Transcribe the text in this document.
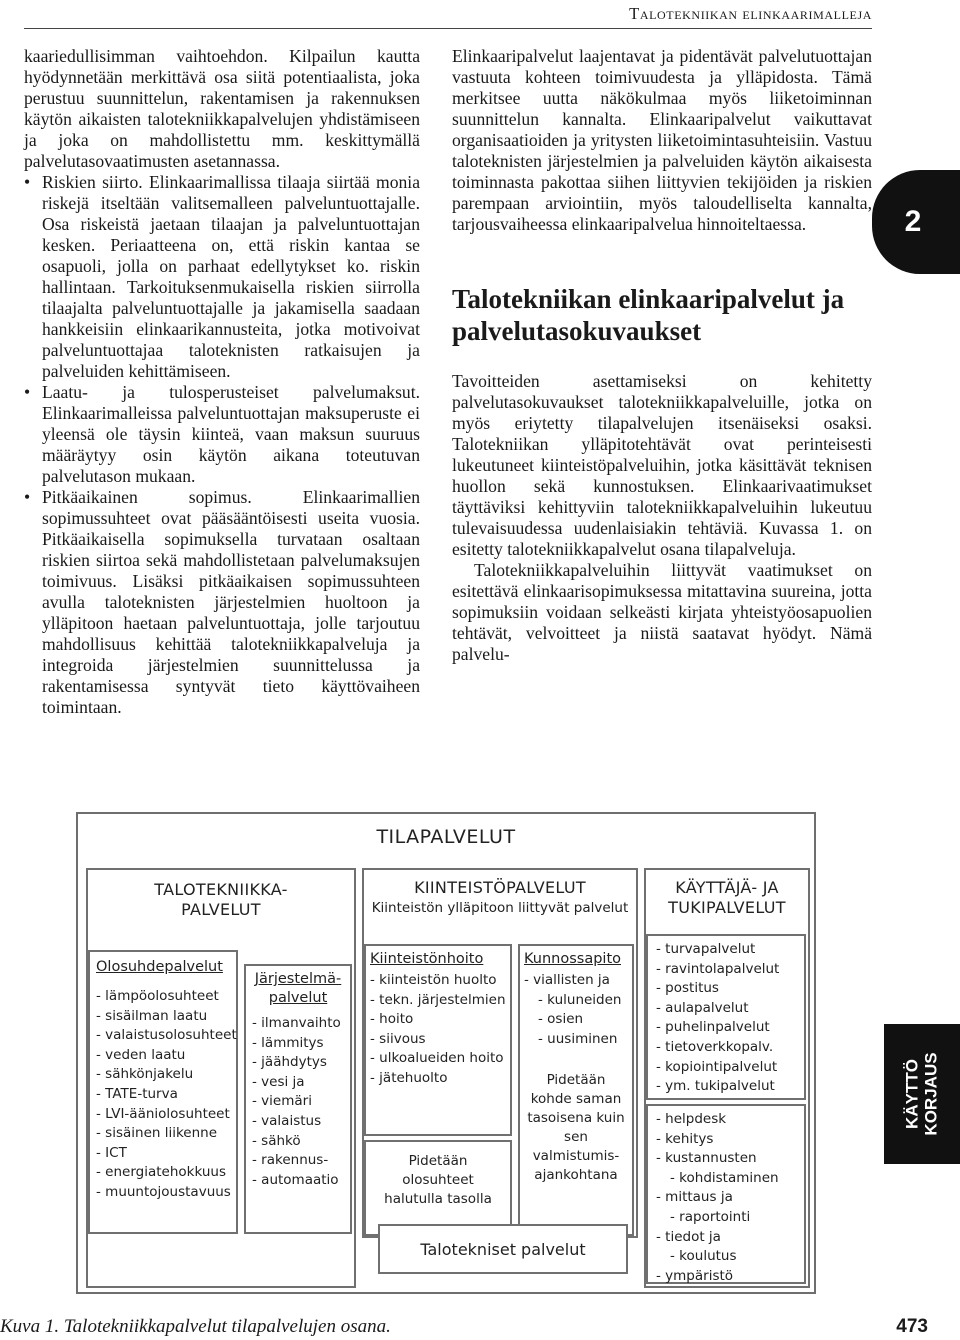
Talotekniikan elinkaarimalleja
2

kaariedullisimman vaihtoehdon. Kilpailun kautta hyödynnetään merkittävä osa siitä potentiaalista, joka perustuu suunnittelun, rakentamisen ja rakennuksen käytön aikaisten talotekniikkapalvelujen yhdistämiseen ja joka on mahdollistettu mm. keskittymällä palvelutasovaatimusten asetannassa.

• Riskien siirto. Elinkaarimallissa tilaaja siirtää monia riskejä itseltään valitsemalleen palveluntuottajalle. Osa riskeistä jaetaan tilaajan ja palveluntuottajan kesken. Periaatteena on, että riskin kantaa se osapuoli, jolla on parhaat edellytykset ko. riskin hallintaan. Tarkoituksenmukaisella riskien siirrolla tilaajalta palveluntuottajalle ja jakamisella saadaan hankkeisiin elinkaarikannusteita, jotka motivoivat palveluntuottajaa taloteknisten ratkaisujen ja palveluiden kehittämiseen.

• Laatu- ja tulosperusteiset palvelumaksut. Elinkaarimalleissa palveluntuottajan maksuperuste ei yleensä ole täysin kiinteä, vaan maksun suuruus määräytyy osin käytön aikana toteutuvan palvelutason mukaan.

• Pitkäaikainen sopimus. Elinkaarimallien sopimussuhteet ovat pääsääntöisesti useita vuosia. Pitkäaikaisella sopimuksella turvataan osaltaan riskien siirtoa sekä mahdollistetaan palvelumaksujen toimivuus. Lisäksi pitkäaikaisen sopimussuhteen avulla taloteknisten järjestelmien huoltoon ja ylläpitoon haetaan palveluntuottaja, jolle tarjoutuu mahdollisuus kehittää talotekniikkapalveluja ja integroida järjestelmien suunnittelussa ja rakentamisessa syntyvät tieto käyttövaiheen toimintaan.

Elinkaaripalvelut laajentavat ja pidentävät palvelutuottajan vastuuta kohteen toimivuudesta ja ylläpidosta. Tämä merkitsee uutta näkökulmaa myös liiketoiminnan suunnittelun kannalta. Elinkaaripalvelut vaikuttavat organisaatioiden ja yritysten liiketoimintasuhteisiin. Vastuu taloteknisten järjestelmien ja palveluiden käytön aikaisesta toiminnasta pakottaa siihen liittyvien tekijöiden ja riskien parempaan arviointiin, myös taloudelliselta kannalta, tarjousvaiheessa elinkaaripalvelua hinnoiteltaessa.

Talotekniikan elinkaaripalvelut ja palvelutasokuvaukset

Tavoitteiden asettamiseksi on kehitetty palvelutasokuvaukset talotekniikkapalveluille, jotka on myös eriytetty tilapalvelujen itsenäiseksi osaksi. Talotekniikan ylläpitotehtävät ovat perinteisesti lukeutuneet kiinteistöpalveluihin, jotka käsittävät teknisen huollon sekä kunnostuksen. Elinkaarivaatimukset täyttäviksi kehittyviin talotekniikkapalveluihin lukeutuu tulevaisuudessa uudenlaisiakin tehtäviä. Kuvassa 1. on esitetty talotekniikkapalvelut osana tilapalveluja.

Talotekniikkapalveluihin liittyvät vaatimukset on esitettävä elinkaarisopimuksessa mitattavina suureina, jotta sopimuksiin voidaan selkeästi kirjata yhteistyöosapuolien tehtävät, velvoitteet ja niistä saatavat hyödyt. Nämä palvelu-

TILAPALVELUT
TALOTEKNIIKKA-
PALVELUT
Olosuhdepalvelut
- lämpöolosuhteet
- sisäilman laatu
- valaistusolosuhteet
- veden laatu
- sähkönjakelu
- TATE-turva
- LVI-ääniolosuhteet
- sisäinen liikenne
- ICT
- energiatehokkuus
- muuntojoustavuus
Järjestelmä-
palvelut
- ilmanvaihto
- lämmitys
- jäähdytys
- vesi ja
- viemäri
- valaistus
- sähkö
- rakennus-
- automaatio
KIINTEISTÖPALVELUT
Kiinteistön ylläpitoon liittyvät palvelut
Kiinteistönhoito
- kiinteistön huolto
- tekn. järjestelmien
- hoito
- siivous
- ulkoalueiden hoito
- jätehuolto
Pidetään olosuhteet halutulla tasolla
Kunnossapito
- viallisten ja
- kuluneiden
- osien
- uusiminen
Pidetään kohde saman tasoisena kuin sen valmistumis-ajankohtana
KÄYTTÄJÄ- JA
TUKIPALVELUT
- turvapalvelut
- ravintolapalvelut
- postitus
- aulapalvelut
- puhelinpalvelut
- tietoverkkopalv.
- kopiointipalvelut
- ym. tukipalvelut
- helpdesk
- kehitys
- kustannusten
- kohdistaminen
- mittaus ja
- raportointi
- tiedot ja
- koulutus
- ympäristö
Talotekniset palvelut
KÄYTTÖ KORJAUS
Kuva 1. Talotekniikkapalvelut tilapalvelujen osana.	473
